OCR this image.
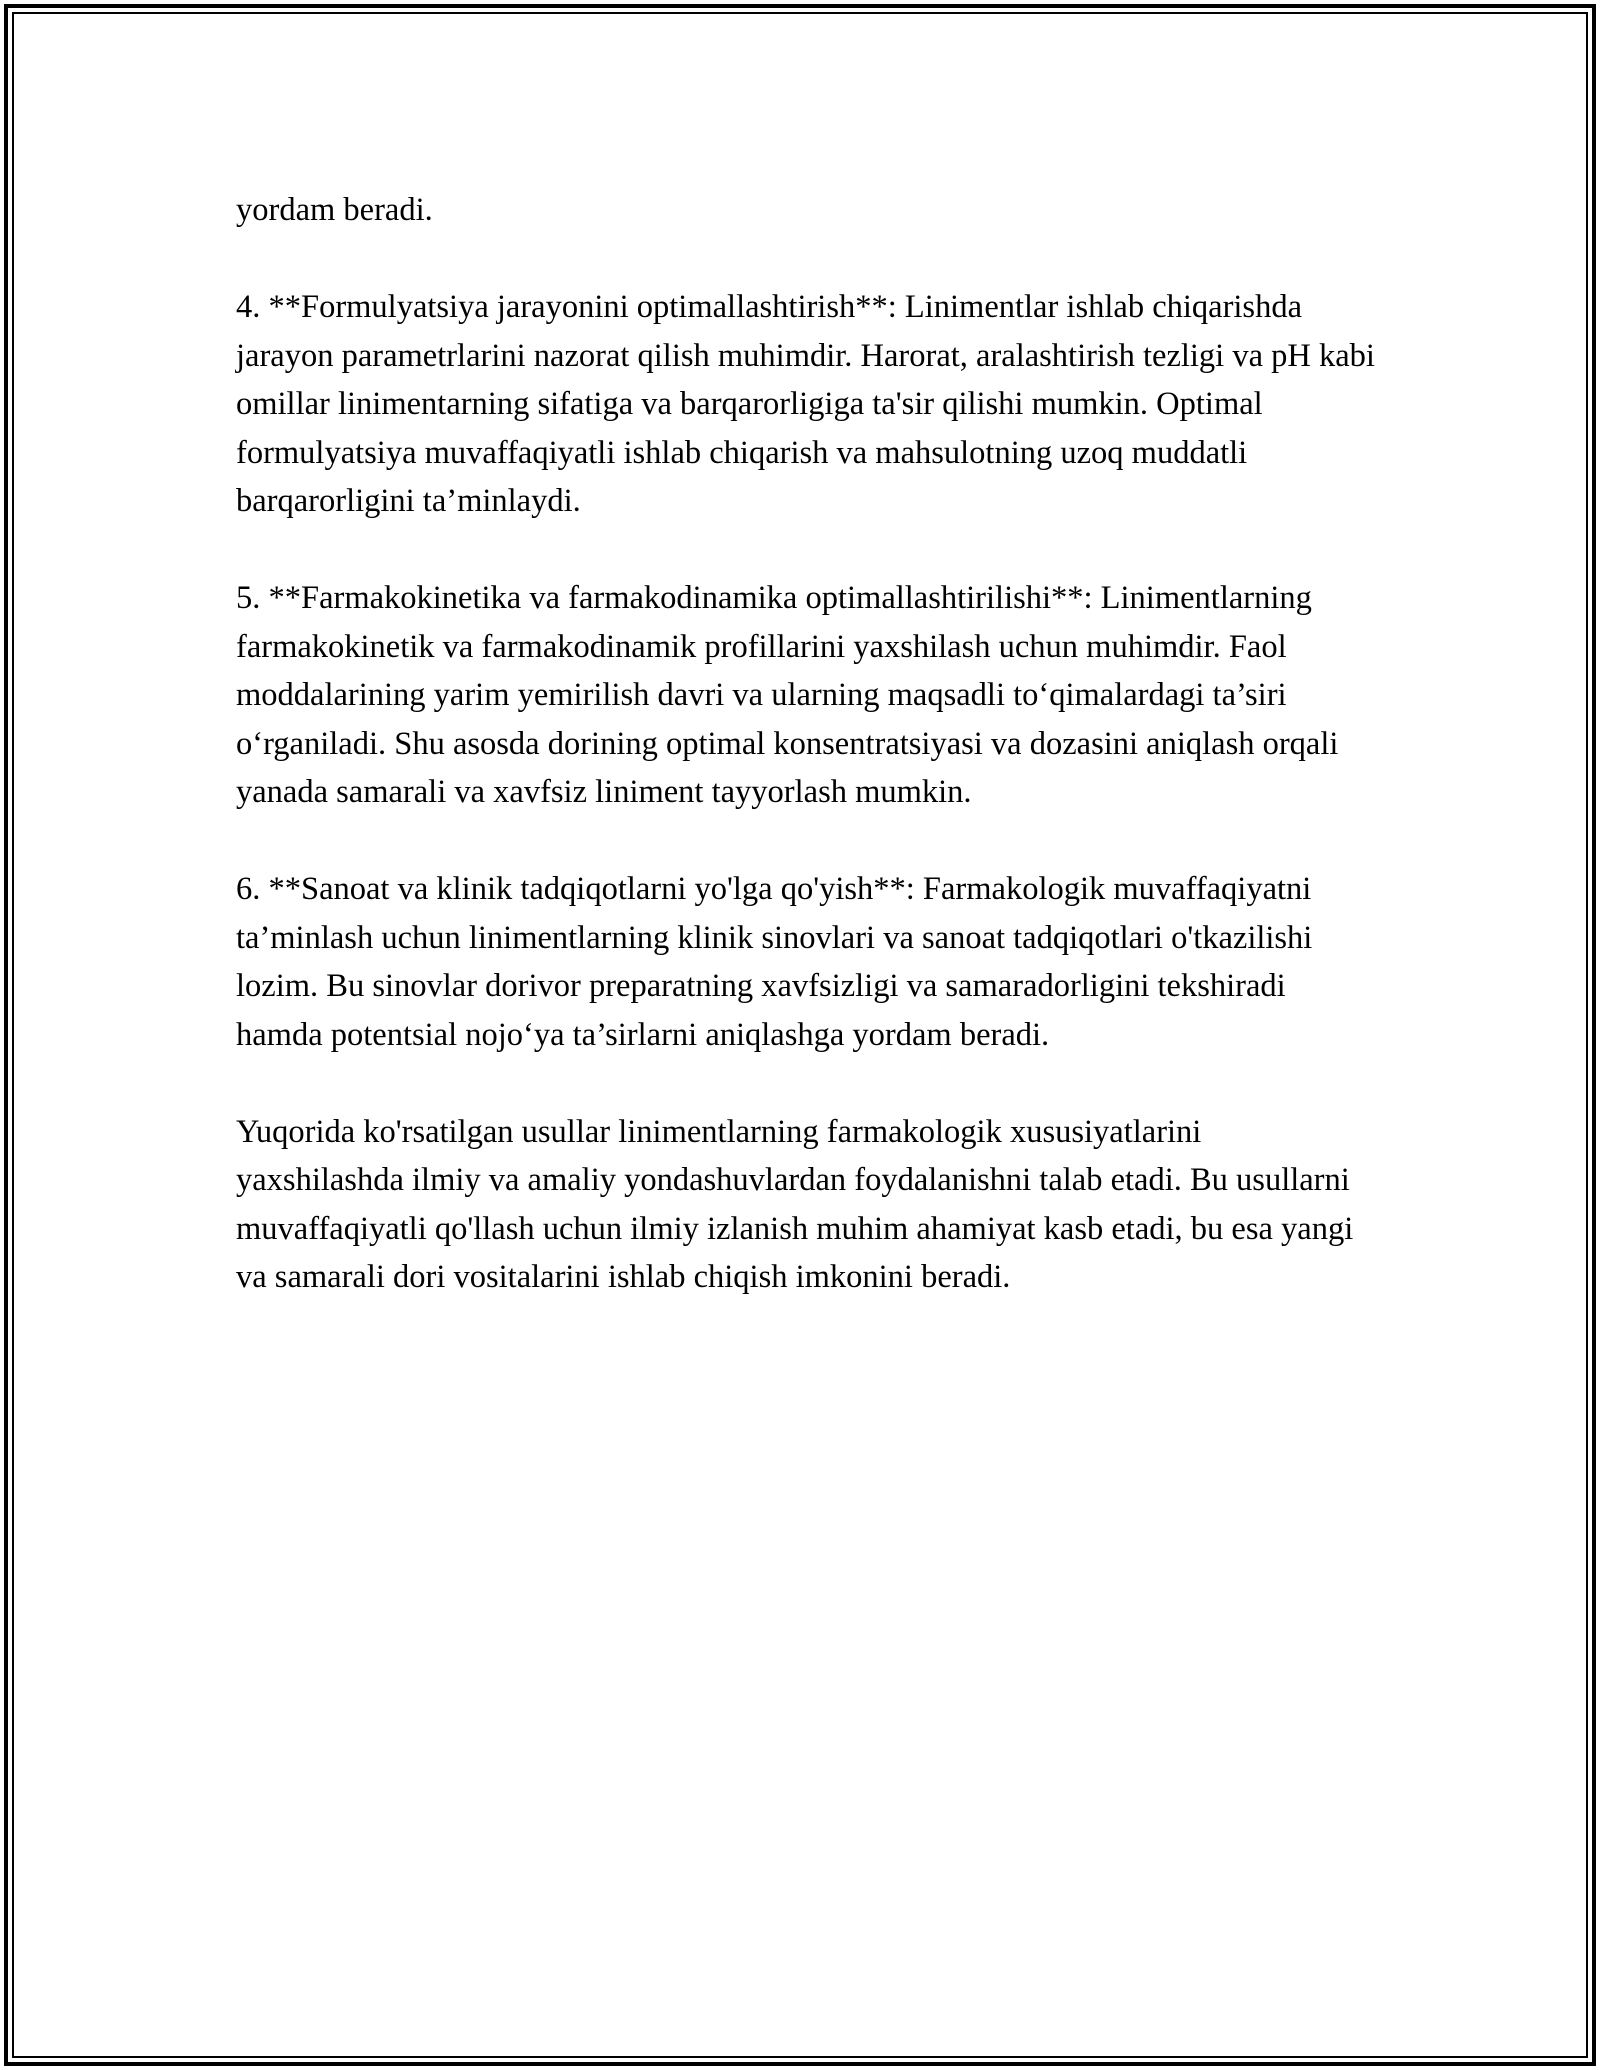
yordam beradi.

4. **Formulyatsiya jarayonini optimallashtirish**: Linimentlar ishlab chiqarishda jarayon parametrlarini nazorat qilish muhimdir. Harorat, aralashtirish tezligi va pH kabi omillar linimentarning sifatiga va barqarorligiga ta'sir qilishi mumkin. Optimal formulyatsiya muvaffaqiyatli ishlab chiqarish va mahsulotning uzoq muddatli barqarorligini ta’minlaydi.

5. **Farmakokinetika va farmakodinamika optimallashtirilishi**: Linimentlarning farmakokinetik va farmakodinamik profillarini yaxshilash uchun muhimdir. Faol moddalarining yarim yemirilish davri va ularning maqsadli to‘qimalardagi ta’siri o‘rganiladi. Shu asosda dorining optimal konsentratsiyasi va dozasini aniqlash orqali yanada samarali va xavfsiz liniment tayyorlash mumkin.

6. **Sanoat va klinik tadqiqotlarni yo'lga qo'yish**: Farmakologik muvaffaqiyatni ta’minlash uchun linimentlarning klinik sinovlari va sanoat tadqiqotlari o'tkazilishi lozim. Bu sinovlar dorivor preparatning xavfsizligi va samaradorligini tekshiradi hamda potentsial nojo‘ya ta’sirlarni aniqlashga yordam beradi.

Yuqorida ko'rsatilgan usullar linimentlarning farmakologik xususiyatlarini yaxshilashda ilmiy va amaliy yondashuvlardan foydalanishni talab etadi. Bu usullarni muvaffaqiyatli qo'llash uchun ilmiy izlanish muhim ahamiyat kasb etadi, bu esa yangi va samarali dori vositalarini ishlab chiqish imkonini beradi.
